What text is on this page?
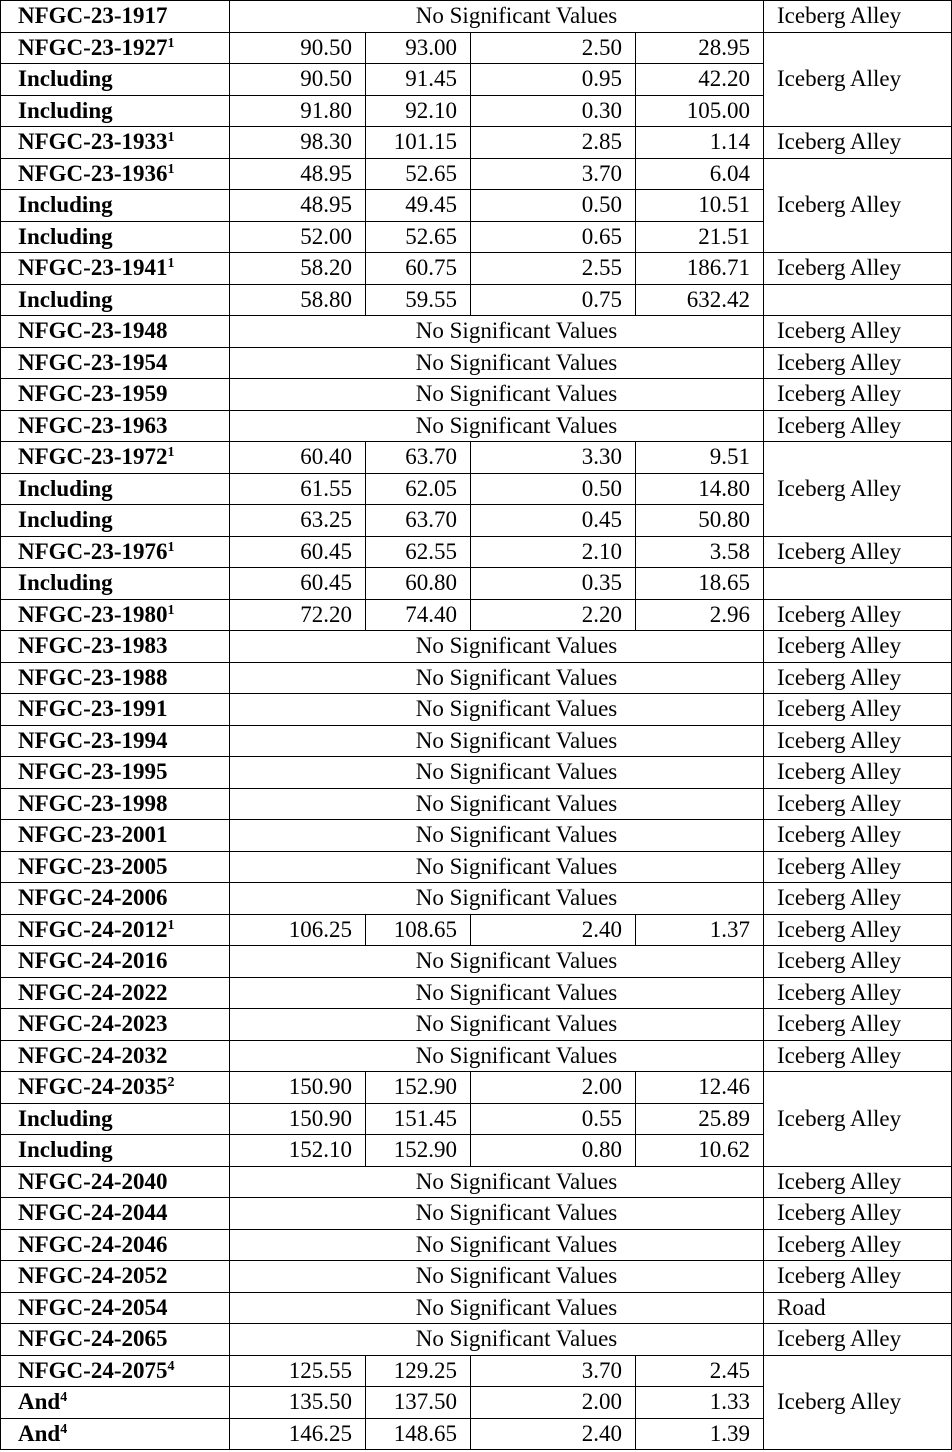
NFGC-23-1917	No Significant Values				Iceberg Alley
NFGC-23-1927$^1$	90.50	93.00	2.50	28.95	Iceberg Alley
Including	90.50	91.45	0.95	42.20	
Including	91.80	92.10	0.30	105.00	
NFGC-23-1933$^1$	98.30	101.15	2.85	1.14	Iceberg Alley
NFGC-23-1936$^1$	48.95	52.65	3.70	6.04	Iceberg Alley
Including	48.95	49.45	0.50	10.51	
Including	52.00	52.65	0.65	21.51	
NFGC-23-1941$^1$	58.20	60.75	2.55	186.71	Iceberg Alley
Including	58.80	59.55	0.75	632.42	
NFGC-23-1948	No Significant Values				Iceberg Alley
NFGC-23-1954	No Significant Values				Iceberg Alley
NFGC-23-1959	No Significant Values				Iceberg Alley
NFGC-23-1963	No Significant Values				Iceberg Alley
NFGC-23-1972$^1$	60.40	63.70	3.30	9.51	Iceberg Alley
Including	61.55	62.05	0.50	14.80	
Including	63.25	63.70	0.45	50.80	
NFGC-23-1976$^1$	60.45	62.55	2.10	3.58	Iceberg Alley
Including	60.45	60.80	0.35	18.65	
NFGC-23-1980$^1$	72.20	74.40	2.20	2.96	Iceberg Alley
NFGC-23-1983	No Significant Values				Iceberg Alley
NFGC-23-1988	No Significant Values				Iceberg Alley
NFGC-23-1991	No Significant Values				Iceberg Alley
NFGC-23-1994	No Significant Values				Iceberg Alley
NFGC-23-1995	No Significant Values				Iceberg Alley
NFGC-23-1998	No Significant Values				Iceberg Alley
NFGC-23-2001	No Significant Values				Iceberg Alley
NFGC-23-2005	No Significant Values				Iceberg Alley
NFGC-24-2006	No Significant Values				Iceberg Alley
NFGC-24-2012$^1$	106.25	108.65	2.40	1.37	Iceberg Alley
NFGC-24-2016	No Significant Values				Iceberg Alley
NFGC-24-2022	No Significant Values				Iceberg Alley
NFGC-24-2023	No Significant Values				Iceberg Alley
NFGC-24-2032	No Significant Values				Iceberg Alley
NFGC-24-2035$^2$	150.90	152.90	2.00	12.46	Iceberg Alley
Including	150.90	151.45	0.55	25.89	
Including	152.10	152.90	0.80	10.62	
NFGC-24-2040	No Significant Values				Iceberg Alley
NFGC-24-2044	No Significant Values				Iceberg Alley
NFGC-24-2046	No Significant Values				Iceberg Alley
NFGC-24-2052	No Significant Values				Iceberg Alley
NFGC-24-2054	No Significant Values				Road
NFGC-24-2065	No Significant Values				Iceberg Alley
NFGC-24-2075$^4$	125.55	129.25	3.70	2.45	Iceberg Alley
And$^4$	135.50	137.50	2.00	1.33	
And$^4$	146.25	148.65	2.40	1.39	
